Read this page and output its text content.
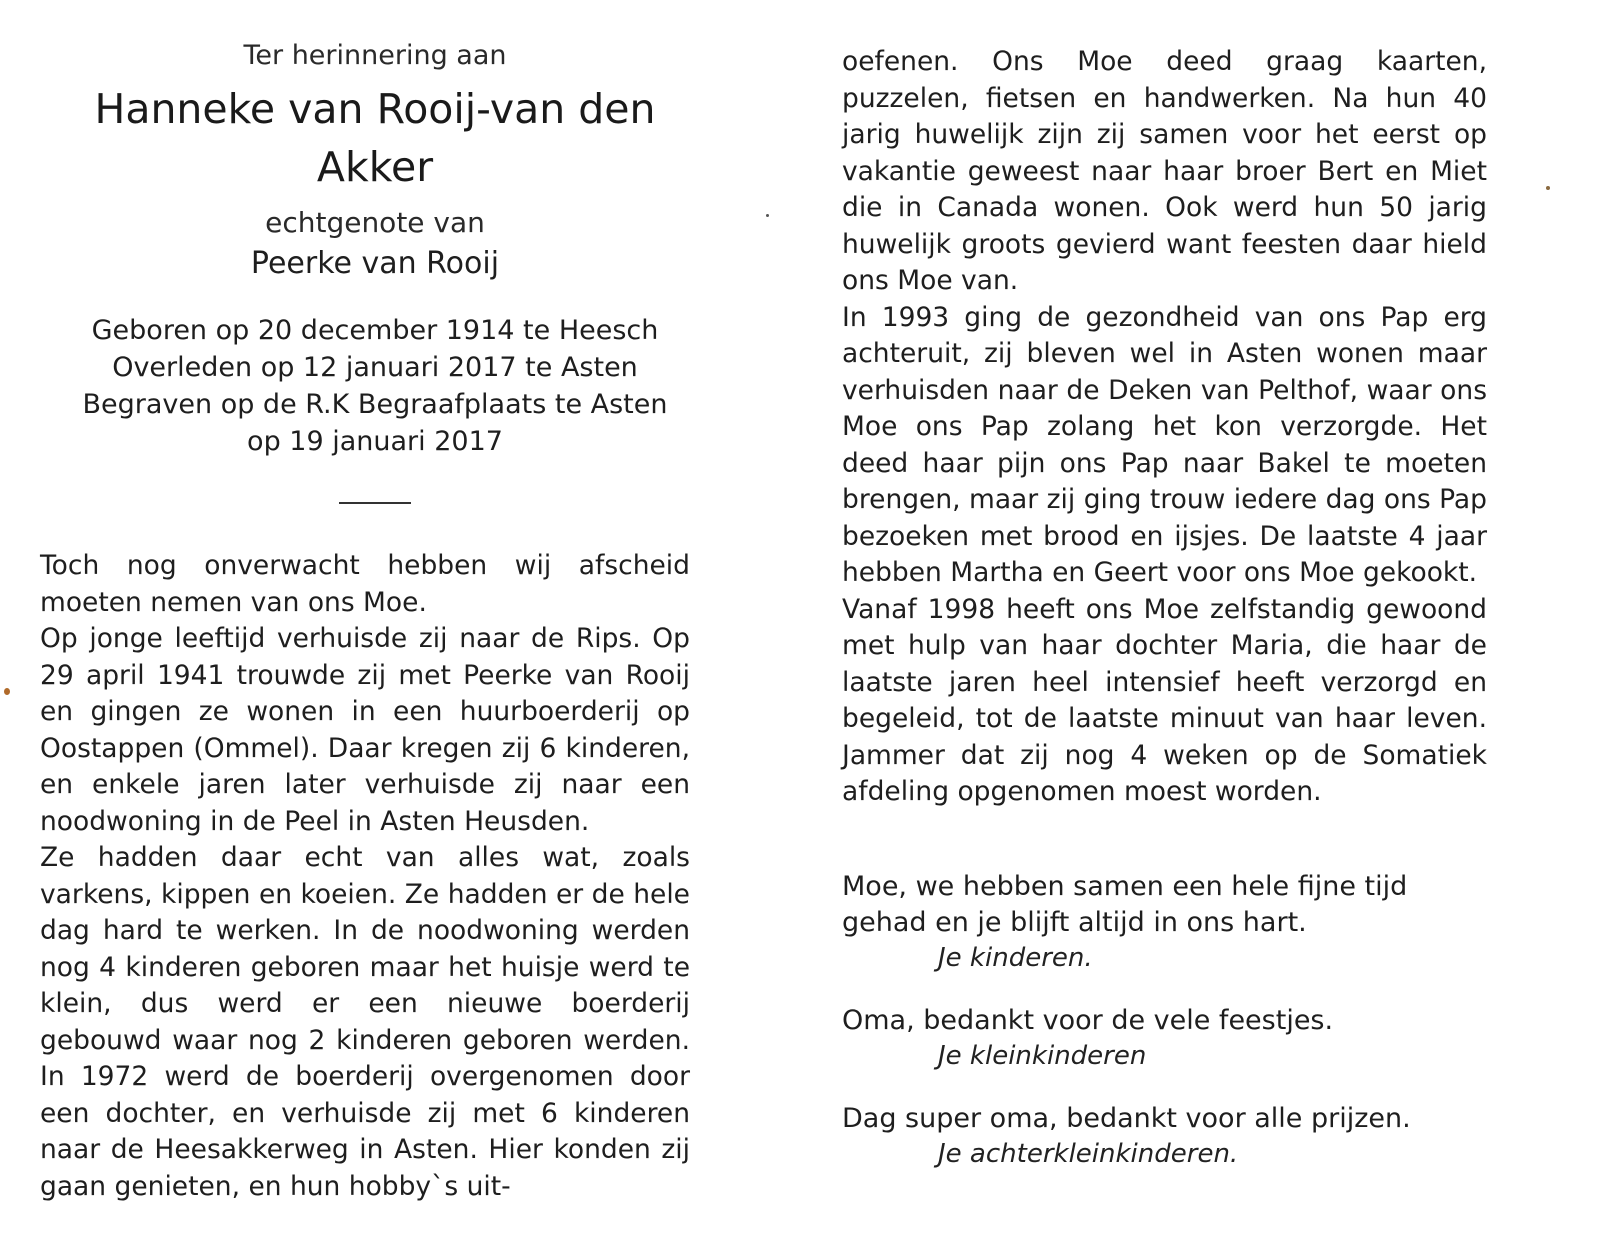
Ter herinnering aan

Hanneke van Rooij-van den Akker

echtgenote van

Peerke van Rooij

Geboren op 20 december 1914 te Heesch

Overleden op 12 januari 2017 te Asten

Begraven op de R.K Begraafplaats te Asten

op 19 januari 2017

Toch nog onverwacht hebben wij afscheid moeten nemen van ons Moe.

Op jonge leeftijd verhuisde zij naar de Rips. Op 29 april 1941 trouwde zij met Peerke van Rooij en gingen ze wonen in een huurboerderij op Oostappen (Ommel). Daar kregen zij 6 kinderen, en enkele jaren later verhuisde zij naar een noodwoning in de Peel in Asten Heusden.

Ze hadden daar echt van alles wat, zoals varkens, kippen en koeien. Ze hadden er de hele dag hard te werken. In de noodwoning werden nog 4 kinderen geboren maar het huisje werd te klein, dus werd er een nieuwe boerderij gebouwd waar nog 2 kinderen geboren werden. In 1972 werd de boerderij overgenomen door een dochter, en verhuisde zij met 6 kinderen naar de Heesakkerweg in Asten. Hier konden zij gaan genieten, en hun hobby`s uit-

oefenen. Ons Moe deed graag kaarten, puzzelen, fietsen en handwerken. Na hun 40 jarig huwelijk zijn zij samen voor het eerst op vakantie geweest naar haar broer Bert en Miet die in Canada wonen. Ook werd hun 50 jarig huwelijk groots gevierd want feesten daar hield ons Moe van.

In 1993 ging de gezondheid van ons Pap erg achteruit, zij bleven wel in Asten wonen maar verhuisden naar de Deken van Pelthof, waar ons Moe ons Pap zolang het kon verzorgde. Het deed haar pijn ons Pap naar Bakel te moeten brengen, maar zij ging trouw iedere dag ons Pap bezoeken met brood en ijsjes. De laatste 4 jaar hebben Martha en Geert voor ons Moe gekookt.

Vanaf 1998 heeft ons Moe zelfstandig gewoond met hulp van haar dochter Maria, die haar de laatste jaren heel intensief heeft verzorgd en begeleid, tot de laatste minuut van haar leven. Jammer dat zij nog 4 weken op de Somatiek afdeling opgenomen moest worden.

Moe, we hebben samen een hele fijne tijd gehad en je blijft altijd in ons hart.

Je kinderen.

Oma, bedankt voor de vele feestjes.

Je kleinkinderen

Dag super oma, bedankt voor alle prijzen.

Je achterkleinkinderen.
